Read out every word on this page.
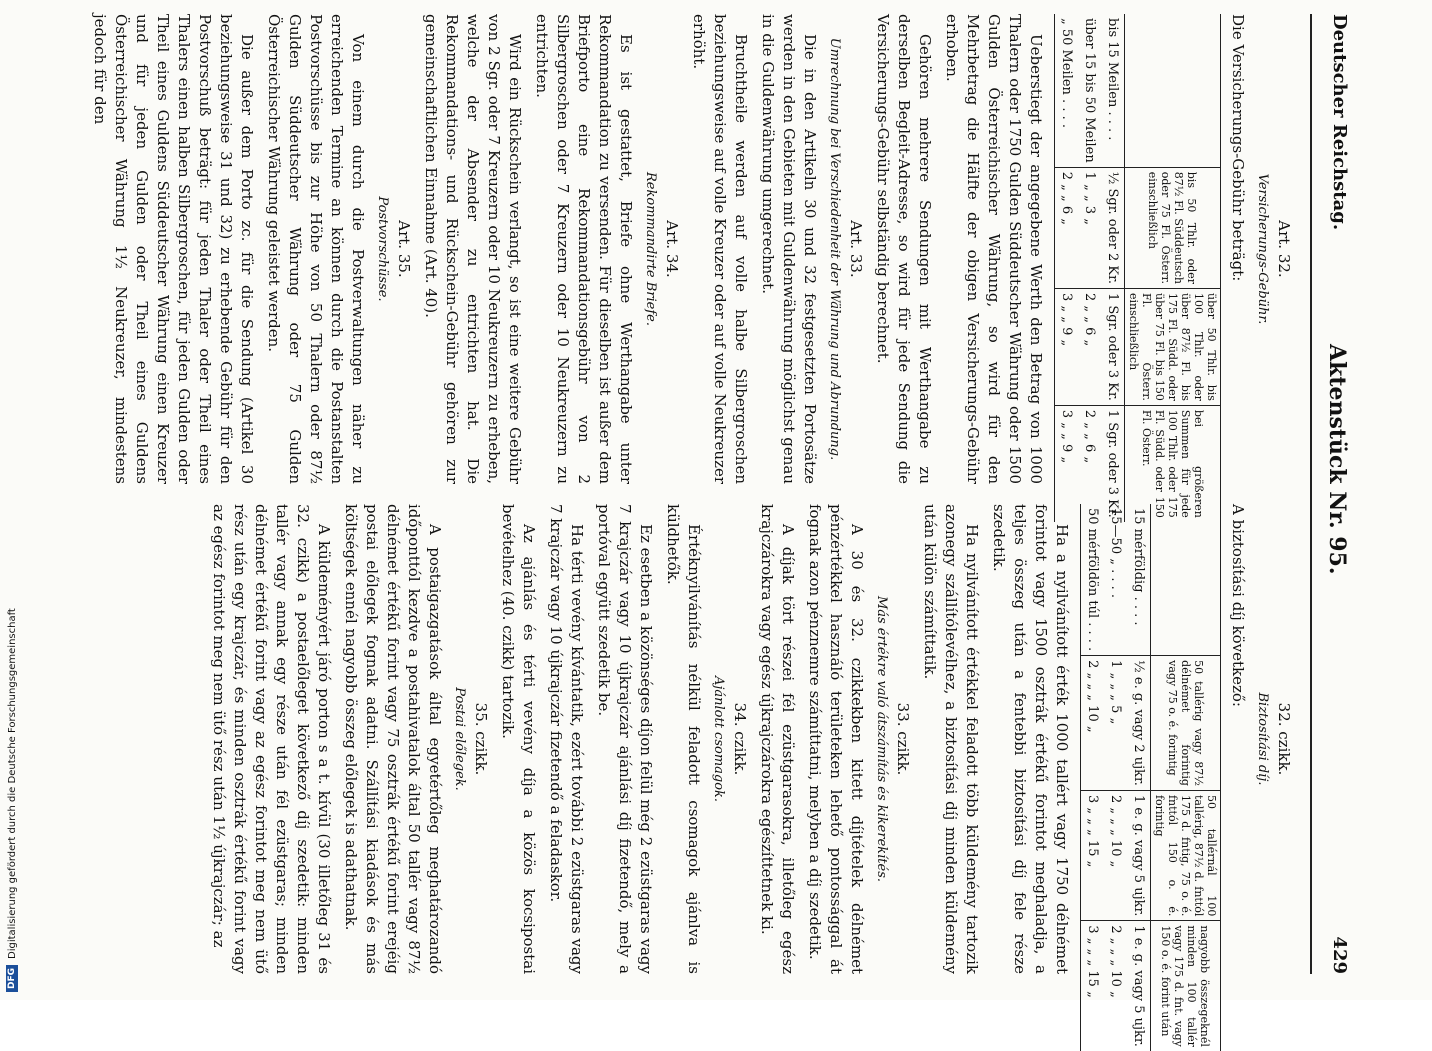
DFG
Digitalisierung gefördert durch die Deutsche Forschungsgemeinschaft
Deutscher Reichstag.
Aktenstück Nr. 95.
429
Art. 32.
Versicherungs-Gebühr.
Die Versicherungs-Gebühr beträgt:
	bis 50 Thlr. oder 87½ Fl. Süddeutsch oder 75 Fl. Österr. einschließlich	über 50 Thlr. bis 100 Thlr. oder über 87½ Fl. bis 175 Fl. Südd. oder über 75 Fl. bis 150 Fl. Österr. einschließlich	bei größeren Summen für jede 100 Thlr. oder 175 Fl. Südd. oder 150 Fl. Österr.
bis 15 Meilen . . . .	½ Sgr. oder 2 Kr.	1 Sgr. oder 3 Kr.	1 Sgr. oder 3 Kr.
über 15 bis 50 Meilen	1 „ „ 3 „	2 „ „ 6 „	2 „ „ 6 „
„ 50 Meilen . . . .	2 „ „ 6 „	3 „ „ 9 „	3 „ „ 9 „

Ueberstiegt der angegebene Werth den Betrag von 1000 Thalern oder 1750 Gulden Süddeutscher Währung oder 1500 Gulden Österreichischer Währung, so wird für den Mehrbetrag die Hälfte der obigen Versicherungs-Gebühr erhoben.

Gehören mehrere Sendungen mit Werthangabe zu derselben Begleit-Adresse, so wird für jede Sendung die Versicherungs-Gebühr selbständig berechnet.

Art. 33.
Umrechnung bei Verschiedenheit der Währung und Abrundung.

Die in den Artikeln 30 und 32 festgesetzten Portosätze werden in den Gebieten mit Guldenwährung möglichst genau in die Guldenwährung umgerechnet.

Bruchtheile werden auf volle halbe Silbergroschen beziehungsweise auf volle Kreuzer oder auf volle Neukreuzer erhöht.

Art. 34.
Rekommandirte Briefe.

Es ist gestattet, Briefe ohne Werthangabe unter Rekommandation zu versenden. Für dieselben ist außer dem Briefporto eine Rekommandationsgebühr von 2 Silbergroschen oder 7 Kreuzern oder 10 Neukreuzern zu entrichten.

Wird ein Rückschein verlangt, so ist eine weitere Gebühr von 2 Sgr. oder 7 Kreuzern oder 10 Neukreuzern zu erheben, welche der Absender zu entrichten hat. Die Rekommandations- und Rückschein-Gebühr gehören zur gemeinschaftlichen Einnahme (Art. 40).

Art. 35.
Postvorschüsse.

Von einem durch die Postverwaltungen näher zu erreichenden Termine an können durch die Postanstalten Postvorschüsse bis zur Höhe von 50 Thalern oder 87½ Gulden Süddeutscher Währung oder 75 Gulden Österreichischer Währung geleistet werden.

Die außer dem Porto zc. für die Sendung (Artikel 30 beziehungsweise 31 und 32) zu erhebende Gebühr für den Postvorschuß beträgt: für jeden Thaler oder Theil eines Thalers einen halben Silbergroschen, für jeden Gulden oder Theil eines Guldens Süddeutscher Währung einen Kreuzer und für jeden Gulden oder Theil eines Guldens Österreichischer Währung 1½ Neukreuzer, mindestens jedoch für den

32. czikk.
Biztosítási díj.
A biztosítási díj következő:
	50 tallérig vagy 87½ délnémet forintig vagy 75 o. é. forintig	50 tallérnál 100 tallérig, 87½ d. fnttól 175 d. fntig, 75 o. é. fnttól 150 o. é. forintig	nagyobb összegeknél minden 100 tallér vagy 175 d. fnt. vagy 150 o. é. forint után
15 mérföldig . . . .	½ e. g. vagy 2 ujkr.	1 e. g. vagy 5 ujkr.	1 e. g. vagy 5 ujkr.
15—50 „ . . . .	1 „ „ „ 5 „	2 „ „ „ 10 „	2 „ „ „ 10 „
50 mérföldön túl . . . .	2 „ „ „ 10 „	3 „ „ „ 15 „	3 „ „ „ 15 „

Ha a nyilvánított érték 1000 tallért vagy 1750 délnémet forintot vagy 1500 osztrák értékű forintot meghaladja, a teljes összeg után a fentebbi biztosítási díj fele része szedetik.

Ha nyilvánított értékkel feladott több küldemény tartozik azonegy szállítólevélhez, a biztosítási díj minden küldemény után külön számíttatik.

33. czikk.
Más értékre való átszámítás és kikerekítés.

A 30 és 32. czikkekben kitett díjtételek délnémet pénzértékkel használó területeken lehető pontossággal át fognak azon pénznemre számíttatni, melyben a díj szedetik.

A díjak tört részei fél ezüstgarasokra, illetőleg egész krajczárokra vagy egész újkrajczárokra egészíttetnek ki.

34. czikk.
Ajánlott csomagok.

Értéknyilvánítás nélkül feladott csomagok ajánlva is küldhetők.

Ez esetben a közönséges díjon felül még 2 ezüstgaras vagy 7 krajczár vagy 10 újkrajczár ajánlási díj fizetendő, mely a portóval együtt szedetik be.

Ha térti vevény kívántatik, ezért további 2 ezüstgaras vagy 7 krajczár vagy 10 újkrajczár fizetendő a feladaskor.

Az ajánlás és térti vevény díja a közös kocsipostai bevételhez (40. czikk) tartozik.

35. czikk.
Postai előlegek.

A postaigazgatások által egyetértőleg meghatározandó időponttól kezdve a postahivatalok által 50 tallér vagy 87½ délnémet értékű forint vagy 75 osztrák értékű forint erejéig postai előlegek fognak adatni. Szállítási kiadások és más költségek ennél nagyobb összeg előlegek is adathatnak.

A küldeményért járó porton s a t. kívül (30 illetőleg 31 és 32. czikk) a postaelőleget következő díj szedetik: minden tallér vagy annak egy része után fél ezüstgaras; minden délnémet értékű forint vagy az egész forintot meg nem ütő rész után egy krajczár, és minden osztrák értékű forint vagy az egész forintot meg nem ütő rész után 1½ újkrajczár; az
